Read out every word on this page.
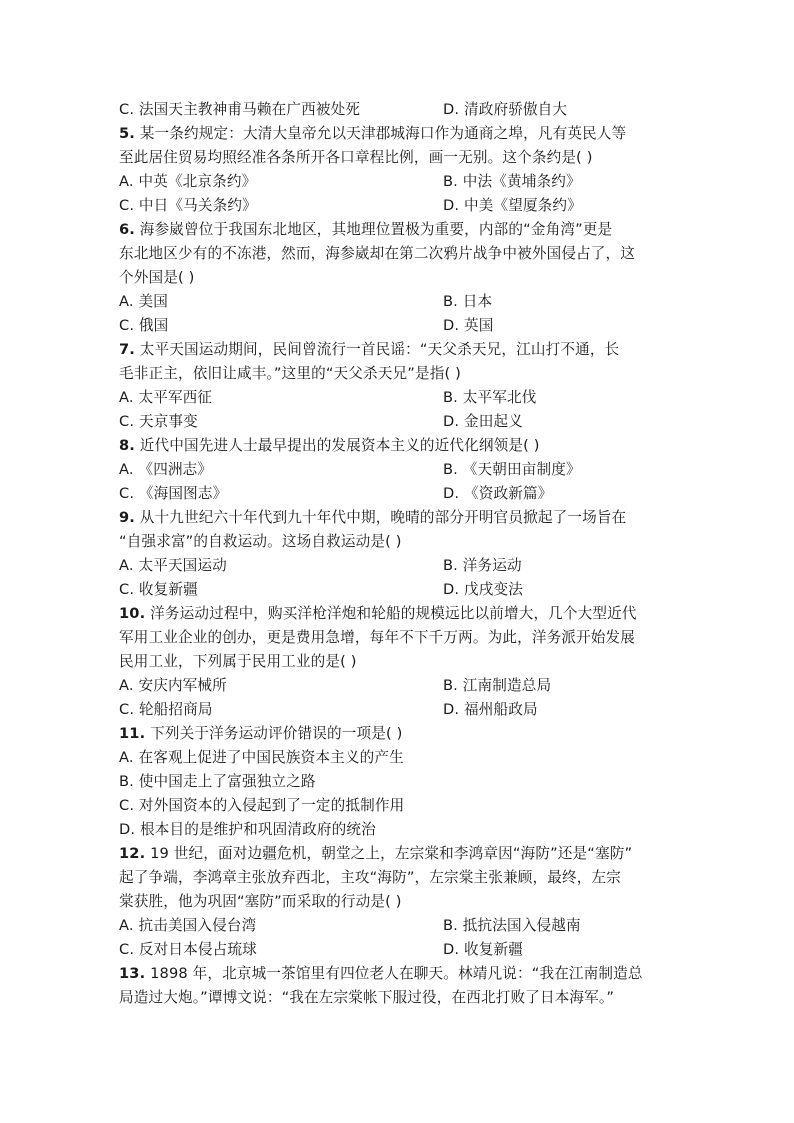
C. 法国天主教神甫马赖在广西被处死	D. 清政府骄傲自大
5. 某一条约规定：大清大皇帝允以天津郡城海口作为通商之埠，凡有英民人等
至此居住贸易均照经准各条所开各口章程比例，画一无别。这个条约是( )
A. 中英《北京条约》	B. 中法《黄埔条约》
C. 中日《马关条约》	D. 中美《望厦条约》
6. 海参崴曾位于我国东北地区，其地理位置极为重要，内部的“金角湾”更是
东北地区少有的不冻港，然而，海参崴却在第二次鸦片战争中被外国侵占了，这
个外国是( )
A. 美国	B. 日本
C. 俄国	D. 英国
7. 太平天国运动期间，民间曾流行一首民谣：“天父杀天兄，江山打不通，长
毛非正主，依旧让咸丰。”这里的“天父杀天兄”是指( )
A. 太平军西征	B. 太平军北伐
C. 天京事变	D. 金田起义
8. 近代中国先进人士最早提出的发展资本主义的近代化纲领是( )
A. 《四洲志》	B. 《天朝田亩制度》
C. 《海国图志》	D. 《资政新篇》
9. 从十九世纪六十年代到九十年代中期，晚晴的部分开明官员掀起了一场旨在
“自强求富”的自救运动。这场自救运动是( )
A. 太平天国运动	B. 洋务运动
C. 收复新疆	D. 戊戌变法
10. 洋务运动过程中，购买洋枪洋炮和轮船的规模远比以前增大，几个大型近代
军用工业企业的创办，更是费用急增，每年不下千万两。为此，洋务派开始发展
民用工业，下列属于民用工业的是( )
A. 安庆内军械所	B. 江南制造总局
C. 轮船招商局	D. 福州船政局
11. 下列关于洋务运动评价错误的一项是( )
A. 在客观上促进了中国民族资本主义的产生
B. 使中国走上了富强独立之路
C. 对外国资本的入侵起到了一定的抵制作用
D. 根本目的是维护和巩固清政府的统治
12. 19 世纪，面对边疆危机，朝堂之上，左宗棠和李鸿章因“海防”还是“塞防”
起了争端，李鸿章主张放弃西北，主攻“海防”，左宗棠主张兼顾，最终，左宗
棠获胜，他为巩固“塞防”而采取的行动是( )
A. 抗击美国入侵台湾	B. 抵抗法国入侵越南
C. 反对日本侵占琉球	D. 收复新疆
13. 1898 年，北京城一茶馆里有四位老人在聊天。林靖凡说：“我在江南制造总
局造过大炮。”谭博文说：“我在左宗棠帐下服过役，在西北打败了日本海军。”
